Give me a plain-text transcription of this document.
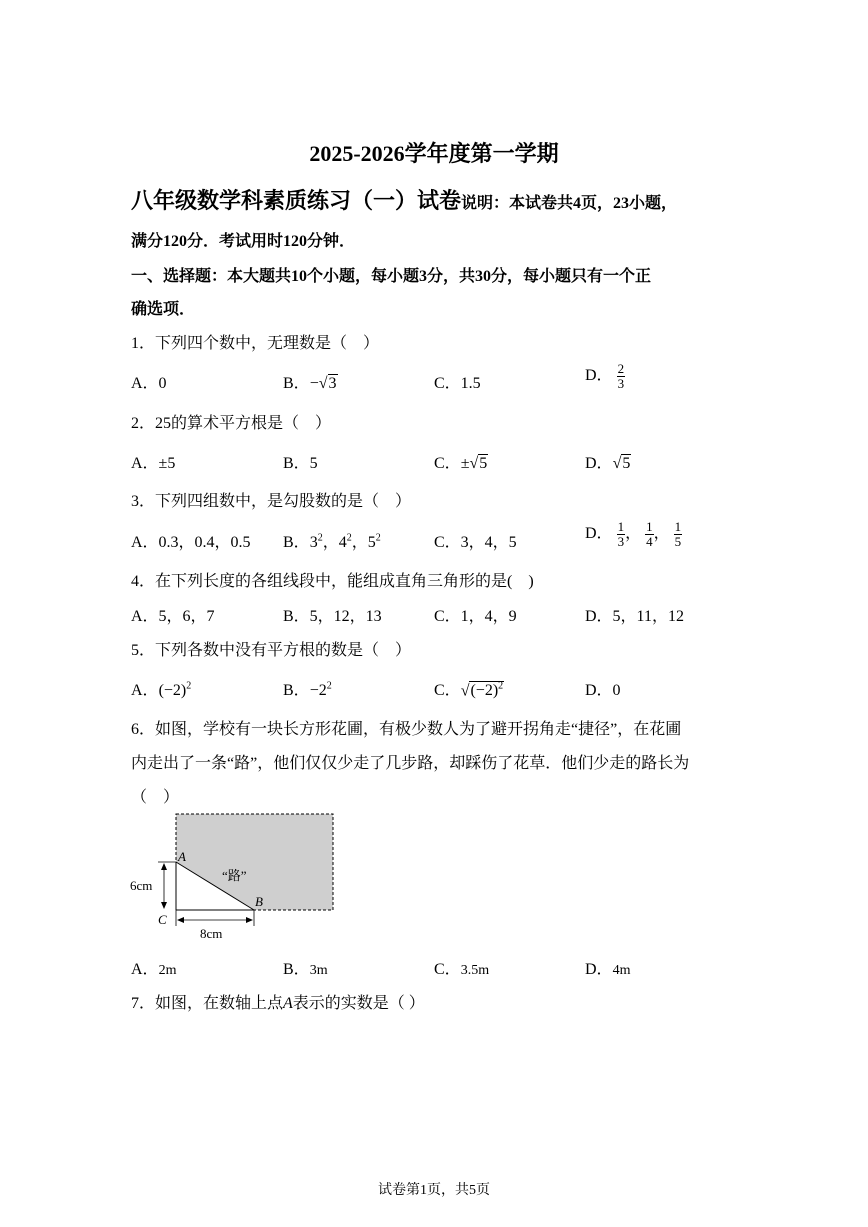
2025-2026学年度第一学期
八年级数学科素质练习（一）试卷说明：本试卷共4页，23小题，
满分120分．考试用时120分钟．
一、选择题：本大题共10个小题，每小题3分，共30分，每小题只有一个正
确选项．
1．下列四个数中，无理数是（　）
A．0	B．−√3	C．1.5	D． $\frac{2}{3}$
2．25的算术平方根是（　）
A．±5	B．5	C．±√5	D．√5
3．下列四组数中，是勾股数的是（　）
A．0.3，0.4，0.5 B．$3^2$，$4^2$，$5^2$	C．3，4，5
D． $\frac{1}{3}$ ， $\frac{1}{4}$ ， $\frac{1}{5}$
4．在下列长度的各组线段中，能组成直角三角形的是(　)
A．5，6，7	B．5，12，13	C．1，4，9	D．5，11，12
5．下列各数中没有平方根的数是（　）
A．$(-2)^2$	B．$-2^2$	C．$√(-2)^2$	D．0
6．如图，学校有一块长方形花圃，有极少数人为了避开拐角走“捷径”，在花圃
内走出了一条“路”，他们仅仅少走了几步路，却踩伤了花草．他们少走的路长为
（　）
A
B
C
“路”
6cm
8cm
A．2m	B．3m	C．3.5m	D．4m
7．如图，在数轴上点A表示的实数是（ ）
试卷第1页，共5页
